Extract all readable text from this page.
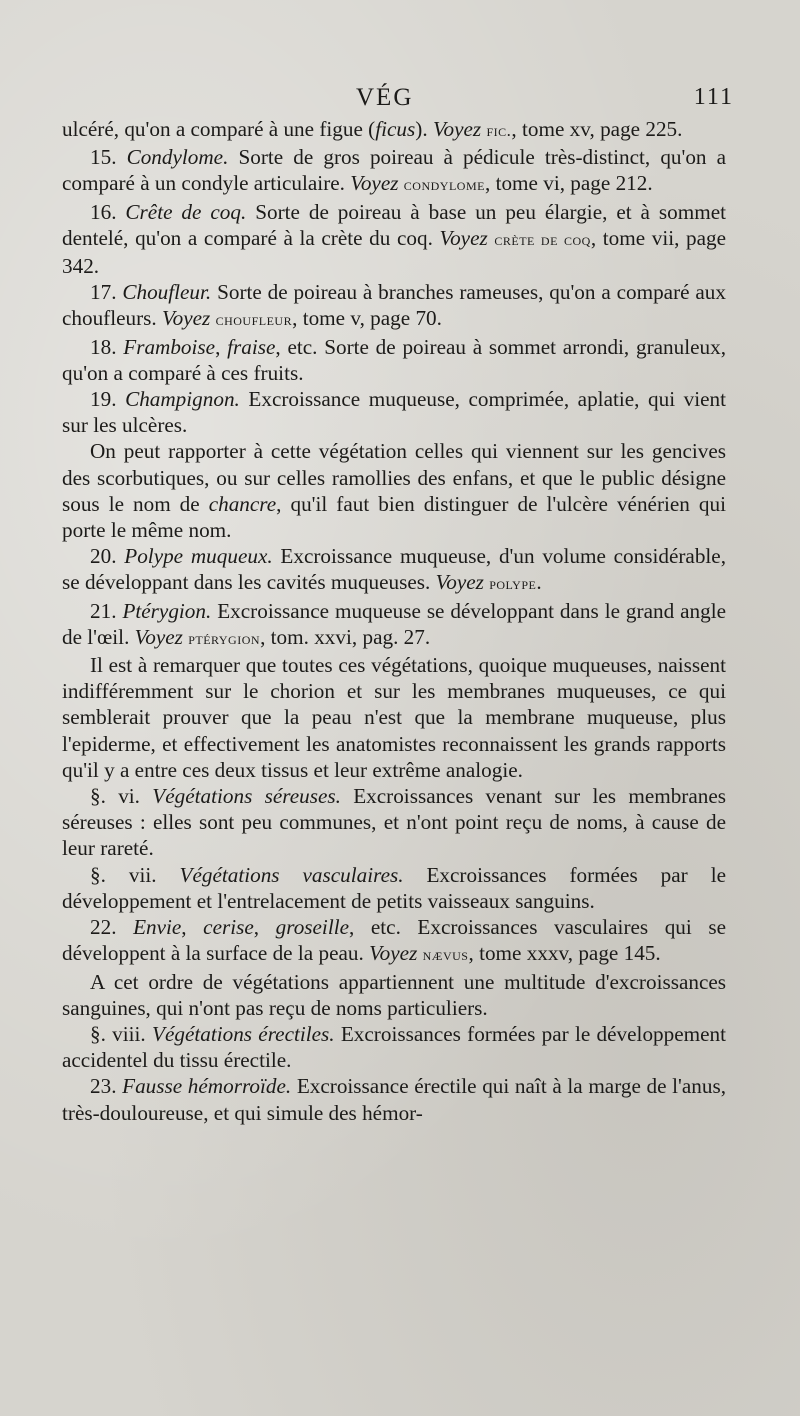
VÉG	111

ulcéré, qu'on a comparé à une figue (ficus). Voyez fic., tome xv, page 225.

15. Condylome. Sorte de gros poireau à pédicule très-distinct, qu'on a comparé à un condyle articulaire. Voyez condylome, tome vi, page 212.

16. Crête de coq. Sorte de poireau à base un peu élargie, et à sommet dentelé, qu'on a comparé à la crète du coq. Voyez crète de coq, tome vii, page 342.

17. Choufleur. Sorte de poireau à branches rameuses, qu'on a comparé aux choufleurs. Voyez choufleur, tome v, page 70.

18. Framboise, fraise, etc. Sorte de poireau à sommet arrondi, granuleux, qu'on a comparé à ces fruits.

19. Champignon. Excroissance muqueuse, comprimée, aplatie, qui vient sur les ulcères.

On peut rapporter à cette végétation celles qui viennent sur les gencives des scorbutiques, ou sur celles ramollies des enfans, et que le public désigne sous le nom de chancre, qu'il faut bien distinguer de l'ulcère vénérien qui porte le même nom.

20. Polype muqueux. Excroissance muqueuse, d'un volume considérable, se développant dans les cavités muqueuses. Voyez polype.

21. Ptérygion. Excroissance muqueuse se développant dans le grand angle de l'œil. Voyez ptérygion, tom. xxvi, pag. 27.

Il est à remarquer que toutes ces végétations, quoique muqueuses, naissent indifféremment sur le chorion et sur les membranes muqueuses, ce qui semblerait prouver que la peau n'est que la membrane muqueuse, plus l'epiderme, et effectivement les anatomistes reconnaissent les grands rapports qu'il y a entre ces deux tissus et leur extrême analogie.

§. vi. Végétations séreuses. Excroissances venant sur les membranes séreuses : elles sont peu communes, et n'ont point reçu de noms, à cause de leur rareté.

§. vii. Végétations vasculaires. Excroissances formées par le développement et l'entrelacement de petits vaisseaux sanguins.

22. Envie, cerise, groseille, etc. Excroissances vasculaires qui se développent à la surface de la peau. Voyez nævus, tome xxxv, page 145.

A cet ordre de végétations appartiennent une multitude d'excroissances sanguines, qui n'ont pas reçu de noms particuliers.

§. viii. Végétations érectiles. Excroissances formées par le développement accidentel du tissu érectile.

23. Fausse hémorroïde. Excroissance érectile qui naît à la marge de l'anus, très-douloureuse, et qui simule des hémor-
